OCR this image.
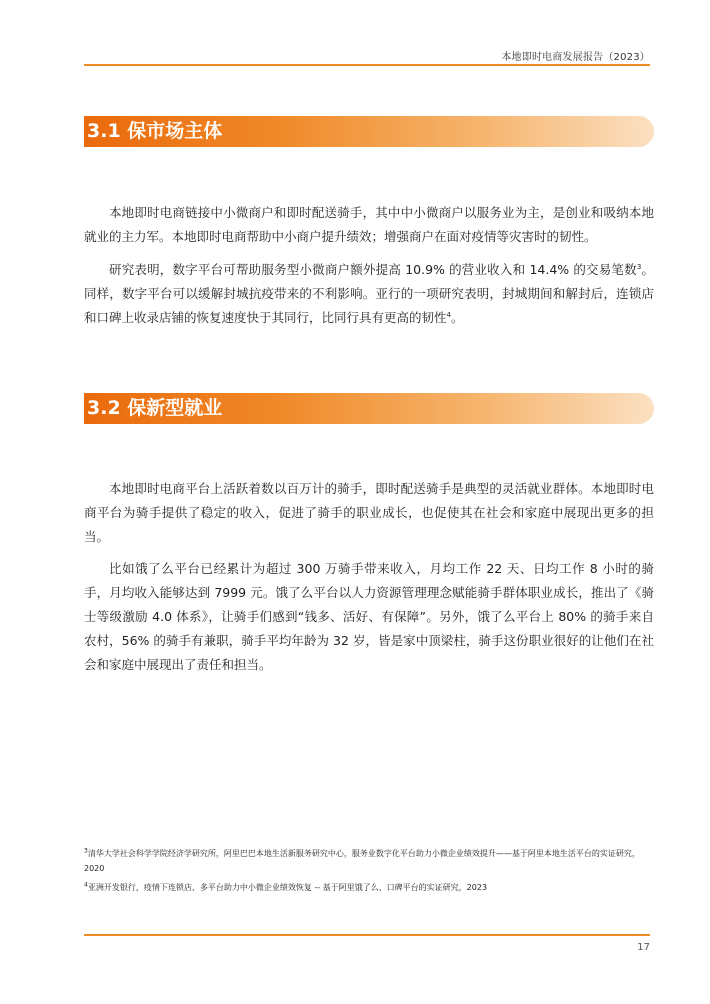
本地即时电商发展报告（2023）
3.1 保市场主体

本地即时电商链接中小微商户和即时配送骑手，其中中小微商户以服务业为主，是创业和吸纳本地就业的主力军。本地即时电商帮助中小商户提升绩效；增强商户在面对疫情等灾害时的韧性。

研究表明，数字平台可帮助服务型小微商户额外提高 10.9% 的营业收入和 14.4% 的交易笔数$^3$。同样，数字平台可以缓解封城抗疫带来的不利影响。亚行的一项研究表明，封城期间和解封后，连锁店和口碑上收录店铺的恢复速度快于其同行，比同行具有更高的韧性$^4$。

3.2 保新型就业

本地即时电商平台上活跃着数以百万计的骑手，即时配送骑手是典型的灵活就业群体。本地即时电商平台为骑手提供了稳定的收入，促进了骑手的职业成长，也促使其在社会和家庭中展现出更多的担当。

比如饿了么平台已经累计为超过 300 万骑手带来收入，月均工作 22 天、日均工作 8 小时的骑手，月均收入能够达到 7999 元。饿了么平台以人力资源管理理念赋能骑手群体职业成长，推出了《骑士等级激励 4.0 体系》，让骑手们感到“钱多、活好、有保障”。另外，饿了么平台上 80% 的骑手来自农村，56% 的骑手有兼职，骑手平均年龄为 32 岁，皆是家中顶梁柱，骑手这份职业很好的让他们在社会和家庭中展现出了责任和担当。

$^3$清华大学社会科学学院经济学研究所，阿里巴巴本地生活新服务研究中心，服务业数字化平台助力小微企业绩效提升——基于阿里本地生活平台的实证研究，2020
$^4$亚洲开发银行，疫情下连锁店、多平台助力中小微企业绩效恢复 -- 基于阿里饿了么、口碑平台的实证研究，2023
17
